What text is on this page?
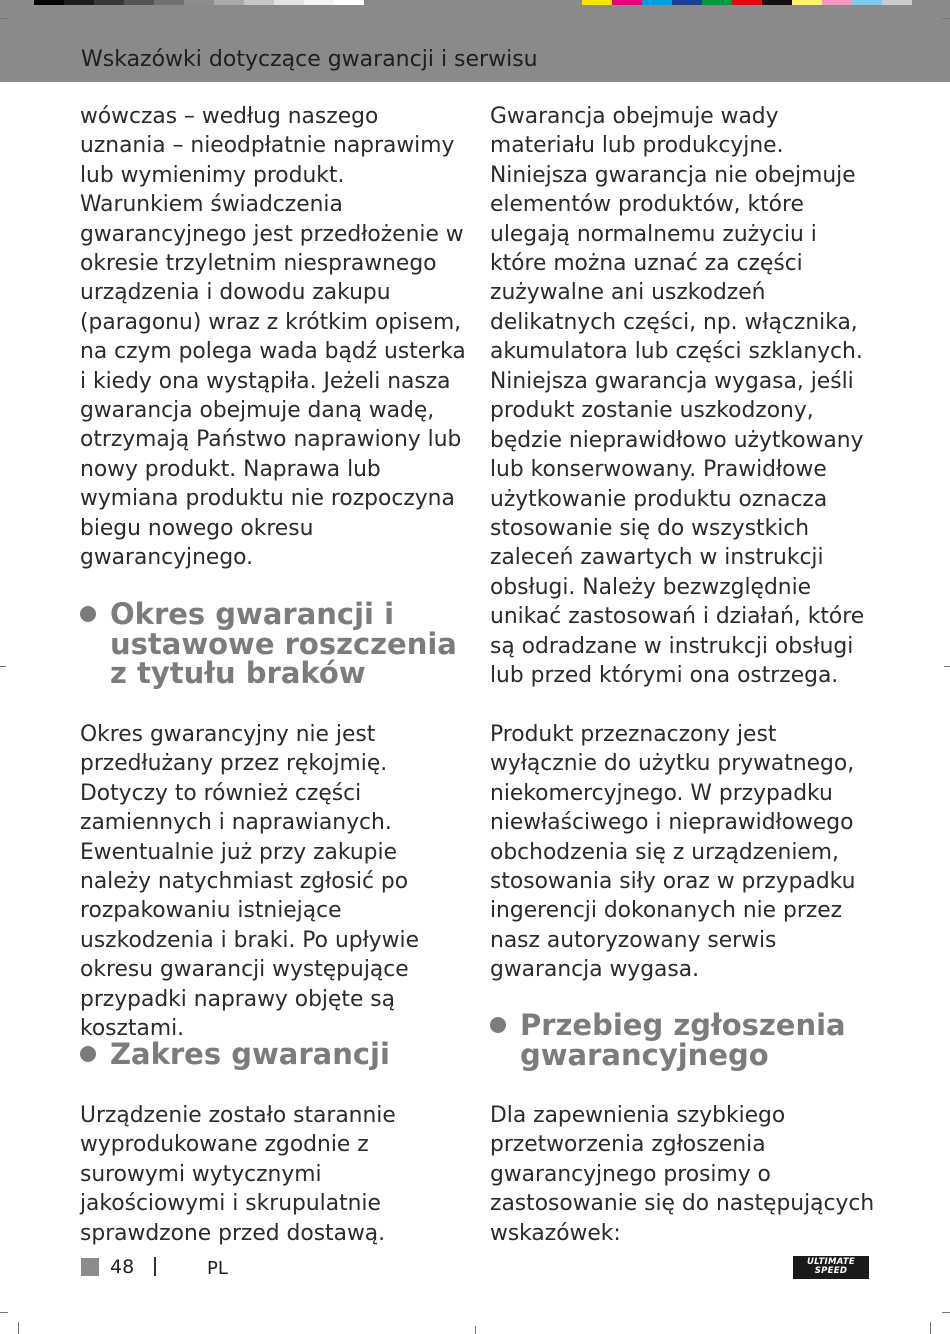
Wskazówki dotyczące gwarancji i serwisu

wówczas – według naszego uznania – nieodpłatnie naprawimy lub wymienimy produkt. Warunkiem świadczenia gwarancyjnego jest przedłożenie w okresie trzyletnim niesprawnego urządzenia i dowodu zakupu (paragonu) wraz z krótkim opisem, na czym polega wada bądź usterka i kiedy ona wystąpiła. Jeżeli nasza gwarancja obejmuje daną wadę, otrzymają Państwo naprawiony lub nowy produkt. Naprawa lub wymiana produktu nie rozpoczyna biegu nowego okresu gwarancyjnego.

Okres gwarancji i ustawowe roszczenia z tytułu braków

Okres gwarancyjny nie jest przedłużany przez rękojmię. Dotyczy to również części zamiennych i naprawianych. Ewentualnie już przy zakupie należy natychmiast zgłosić po rozpakowaniu istniejące uszkodzenia i braki. Po upływie okresu gwarancji występujące przypadki naprawy objęte są kosztami.

Zakres gwarancji

Urządzenie zostało starannie wyprodukowane zgodnie z surowymi wytycznymi jakościowymi i skrupulatnie sprawdzone przed dostawą.

Gwarancja obejmuje wady materiału lub produkcyjne. Niniejsza gwarancja nie obejmuje elementów produktów, które ulegają normalnemu zużyciu i które można uznać za części zużywalne ani uszkodzeń delikatnych części, np. włącznika, akumulatora lub części szklanych.

Niniejsza gwarancja wygasa, jeśli produkt zostanie uszkodzony, będzie nieprawidłowo użytkowany lub konserwowany. Prawidłowe użytkowanie produktu oznacza stosowanie się do wszystkich zaleceń zawartych w instrukcji obsługi. Należy bezwzględnie unikać zastosowań i działań, które są odradzane w instrukcji obsługi lub przed którymi ona ostrzega.

Produkt przeznaczony jest wyłącznie do użytku prywatnego, niekomercyjnego. W przypadku niewłaściwego i nieprawidłowego obchodzenia się z urządzeniem, stosowania siły oraz w przypadku ingerencji dokonanych nie przez nasz autoryzowany serwis gwarancja wygasa.

Przebieg zgłoszenia gwarancyjnego

Dla zapewnienia szybkiego przetworzenia zgłoszenia gwarancyjnego prosimy o zastosowanie się do następujących wskazówek:

48	PL	ULTIMATE
SPEED
